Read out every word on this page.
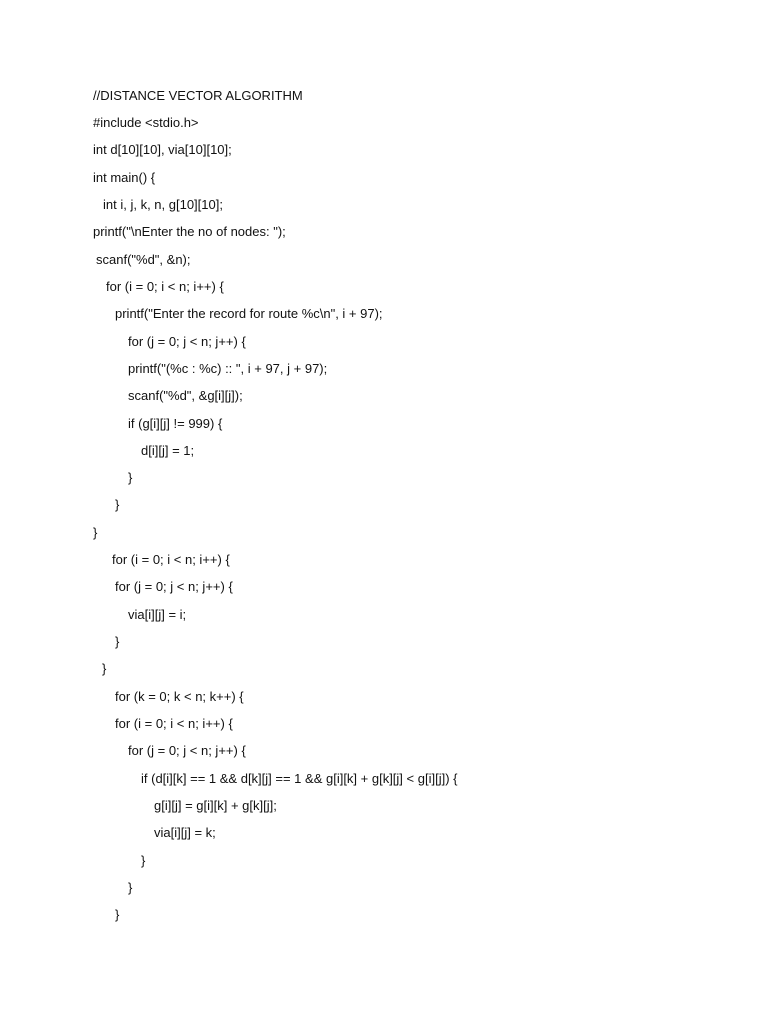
//DISTANCE VECTOR ALGORITHM

#include <stdio.h>

int d[10][10], via[10][10];

int main() {

int i, j, k, n, g[10][10];

printf("\nEnter the no of nodes: ");

scanf("%d", &n);

for (i = 0; i < n; i++) {

printf("Enter the record for route %c\n", i + 97);

for (j = 0; j < n; j++) {

printf("(%c : %c) :: ", i + 97, j + 97);

scanf("%d", &g[i][j]);

if (g[i][j] != 999) {

d[i][j] = 1;

}

}

}

for (i = 0; i < n; i++) {

for (j = 0; j < n; j++) {

via[i][j] = i;

}

}

for (k = 0; k < n; k++) {

for (i = 0; i < n; i++) {

for (j = 0; j < n; j++) {

if (d[i][k] == 1 && d[k][j] == 1 && g[i][k] + g[k][j] < g[i][j]) {

g[i][j] = g[i][k] + g[k][j];

via[i][j] = k;

}

}

}
